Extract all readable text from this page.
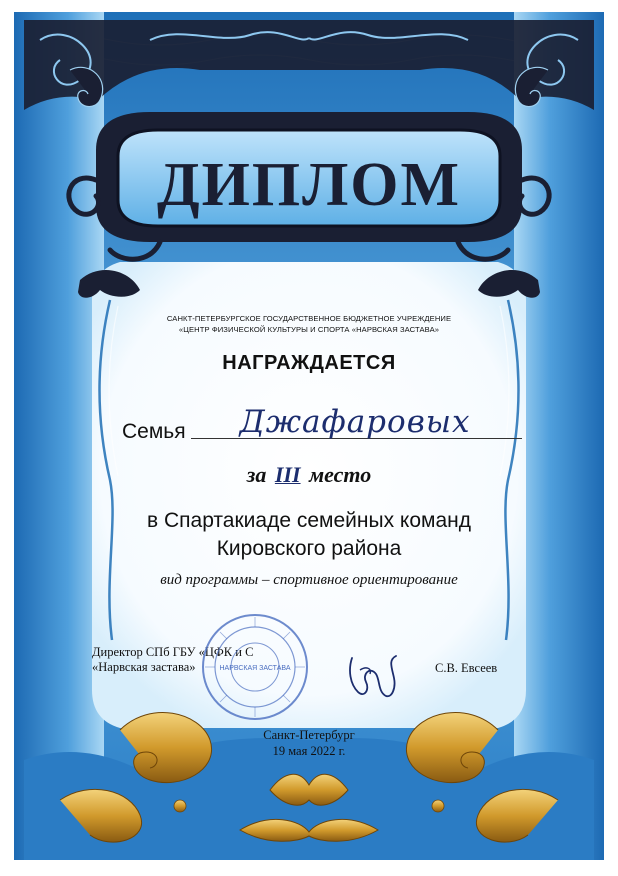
ДИПЛОМ
САНКТ-ПЕТЕРБУРГСКОЕ ГОСУДАРСТВЕННОЕ БЮДЖЕТНОЕ УЧРЕЖДЕНИЕ
«ЦЕНТР ФИЗИЧЕСКОЙ КУЛЬТУРЫ И СПОРТА «НАРВСКАЯ ЗАСТАВА»
НАГРАЖДАЕТСЯ
Семья	Джафаровых
за III место
в Спартакиаде семейных команд
Кировского района
вид программы – спортивное ориентирование
Директор СПб ГБУ «ЦФК и С
«Нарвская застава»	НАРВСКАЯ ЗАСТАВА	С.В. Евсеев
Санкт-Петербург
19 мая 2022 г.
